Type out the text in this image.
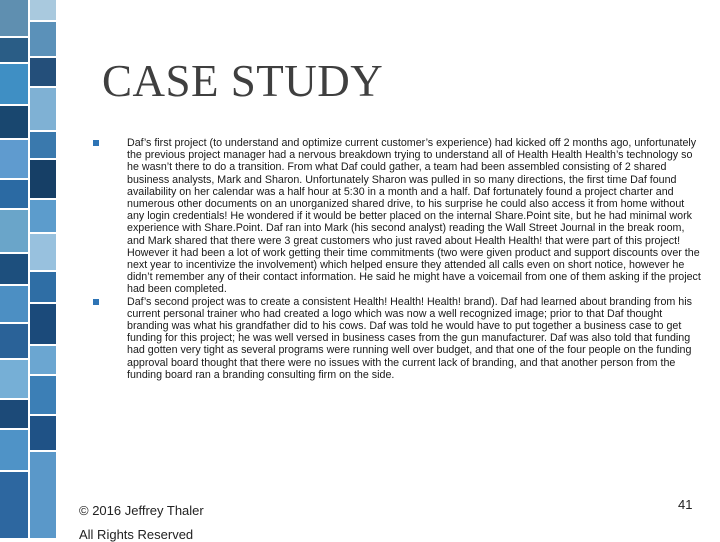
CASE STUDY

Daf’s first project (to understand and optimize current customer’s experience) had kicked off 2 months ago, unfortunately the previous project manager had a nervous breakdown trying to understand all of Health Health Health’s technology so he wasn’t there to do a transition. From what Daf could gather, a team had been assembled consisting of 2 shared business analysts, Mark and Sharon. Unfortunately Sharon was pulled in so many directions, the first time Daf found availability on her calendar was a half hour at 5:30 in a month and a half. Daf fortunately found a project charter and numerous other documents on an unorganized shared drive, to his surprise he could also access it from home without any login credentials! He wondered if it would be better placed on the internal Share.Point site, but he had minimal work experience with Share.Point. Daf ran into Mark (his second analyst) reading the Wall Street Journal in the break room, and Mark shared that there were 3 great customers who just raved about Health Health! that were part of this project! However it had been a lot of work getting their time commitments (two were given product and support discounts over the next year to incentivize the involvement) which helped ensure they attended all calls even on short notice, however he didn’t remember any of their contact information. He said he might have a voicemail from one of them asking if the project had been completed.

Daf’s second project was to create a consistent Health! Health! Health! brand). Daf had learned about branding from his current personal trainer who had created a logo which was now a well recognized image; prior to that Daf thought branding was what his grandfather did to his cows. Daf was told he would have to put together a business case to get funding for this project; he was well versed in business cases from the gun manufacturer. Daf was also told that funding had gotten very tight as several programs were running well over budget, and that one of the four people on the funding approval board thought that there were no issues with the current lack of branding, and that another person from the funding board ran a branding consulting firm on the side.

© 2016 Jeffrey Thaler
All Rights Reserved
41
